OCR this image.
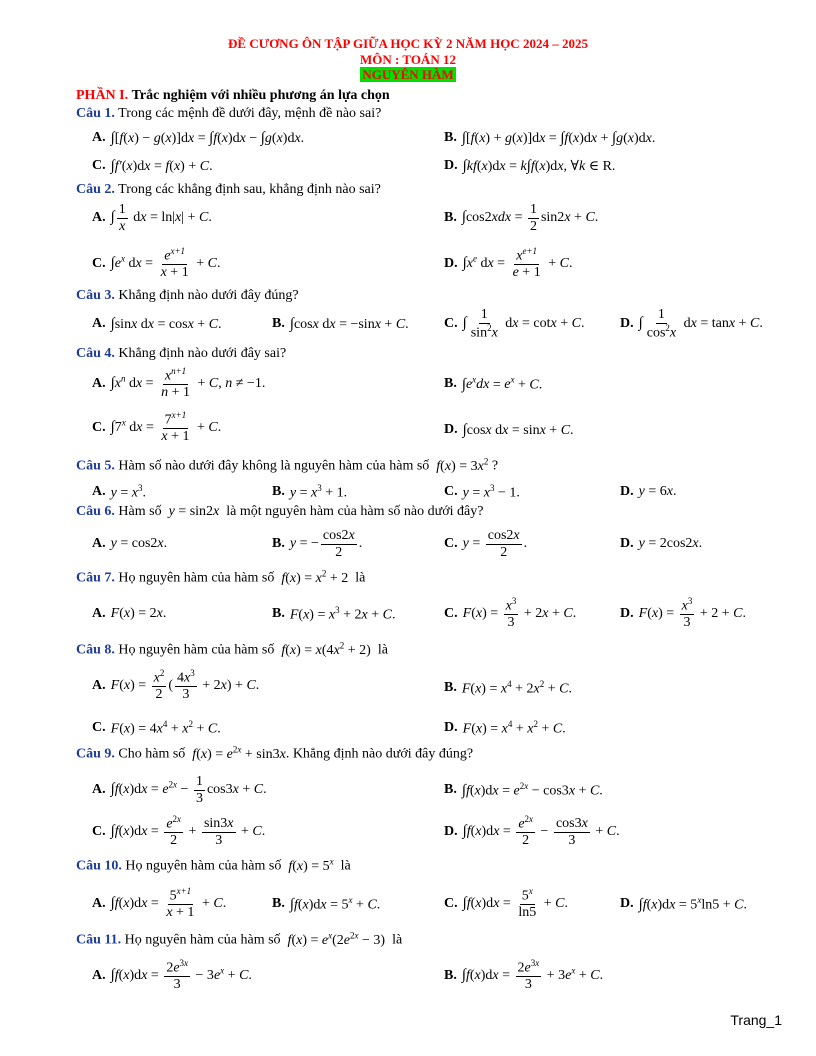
ĐỀ CƯƠNG ÔN TẬP GIỮA HỌC KỲ 2 NĂM HỌC 2024 – 2025
MÔN : TOÁN 12
NGUYÊN HÀM
PHẦN I. Trắc nghiệm với nhiều phương án lựa chọn
Câu 1. Trong các mệnh đề dưới đây, mệnh đề nào sai?
A. ∫[f(x) − g(x)]dx = ∫f(x)dx − ∫g(x)dx.	B. ∫[f(x) + g(x)]dx = ∫f(x)dx + ∫g(x)dx.
C. ∫f′(x)dx = f(x) + C.	D. ∫kf(x)dx = k∫f(x)dx, ∀k ∈ R.
Câu 2. Trong các khẳng định sau, khẳng định nào sai?
A. ∫ $\frac{1}{x}$ dx = ln|x| + C.	B. $\int\cos 2xdx = \frac{1}{2} \sin 2x + C$.
C. $\int e^x$ dx = $\frac{e^{x+1}}{x + 1} + C$.	D. $\int x^e$ dx = $\frac{x^{e+1}}{e + 1} + C$.
Câu 3. Khẳng định nào dưới đây đúng?
A. ∫sinx dx = cosx + C.	B. ∫cosx dx = −sinx + C.	C. ∫ $\frac{1}{\sin^2x}$ dx = cotx + C.	D. ∫ $\frac{1}{\cos^2x}$ dx = tanx + C.
Câu 4. Khẳng định nào dưới đây sai?
A. $\int x^n$ dx = $\frac{x^{n+1}}{n + 1} + C$, n ≠ −1.	B. $\int e^xdx = e^x + C$.
C. ∫7$^x$ dx = $\frac{7^{x+1}}{x + 1} + C$.	D. ∫cosx dx = sinx + C.
Câu 5. Hàm số nào dưới đây không là nguyên hàm của hàm số $f(x) = 3x^2$ ?
A. $y = x^3$.	B. $y = x^3 + 1$.	C. $y = x^3 - 1$.	D. y = 6x.
Câu 6. Hàm số y = sin2x là một nguyên hàm của hàm số nào dưới đây?
A. y = cos2x.	B. y = − $\frac{\cos 2x}{2}$ .	C. $y = \frac{\cos 2x}{2}$ .	D. y = 2cos2x.
Câu 7. Họ nguyên hàm của hàm số $f(x) = x^2 + 2$  là
A. F(x) = 2x.	B. $F(x) = x^3 + 2x + C$.	C. $F(x) = \frac{x^3}{3} + 2x + C$.	D. $F(x) = \frac{x^3}{3} + 2 + C$.
Câu 8. Họ nguyên hàm của hàm số $f(x) = x(4x^2 + 2)$  là
A. $F(x) = \frac{x^2}{2}$ ( $\frac{4x^3}{3} + 2x) + C$.	B. $F(x) = x^4 + 2x^2 + C$.
C. $F(x) = 4x^4 + x^2 + C$.	D. $F(x) = x^4 + x^2 + C$.
Câu 9. Cho hàm số $f(x) = e^{2x} + \sin 3x$. Khẳng định nào dưới đây đúng?
A. $\int f(x)dx = e^{2x} - \frac{1}{3} \cos 3x + C$.	B. $\int f(x)dx = e^{2x} - \cos 3x + C$.
C. $\int f(x)dx = \frac{e^{2x}}{2} + \frac{\sin 3x}{3} + C$.	D. $\int f(x)dx = \frac{e^{2x}}{2} - \frac{\cos 3x}{3} + C$.
Câu 10. Họ nguyên hàm của hàm số $f(x) = 5^x$ là
A. $\int f(x)dx = \frac{5^{x+1}}{x + 1} + C$.	B. $\int f(x)dx = 5^x + C$.	C. $\int f(x)dx = \frac{5^x}{\ln 5} + C$.	D. $\int f(x)dx = 5^x\ln 5 + C$.
Câu 11. Họ nguyên hàm của hàm số $f(x) = e^x(2e^{2x} - 3)$  là
A. $\int f(x)dx = \frac{2e^{3x}}{3} - 3e^x + C$.	B. $\int f(x)dx = \frac{2e^{3x}}{3} + 3e^x + C$.
Trang_1
